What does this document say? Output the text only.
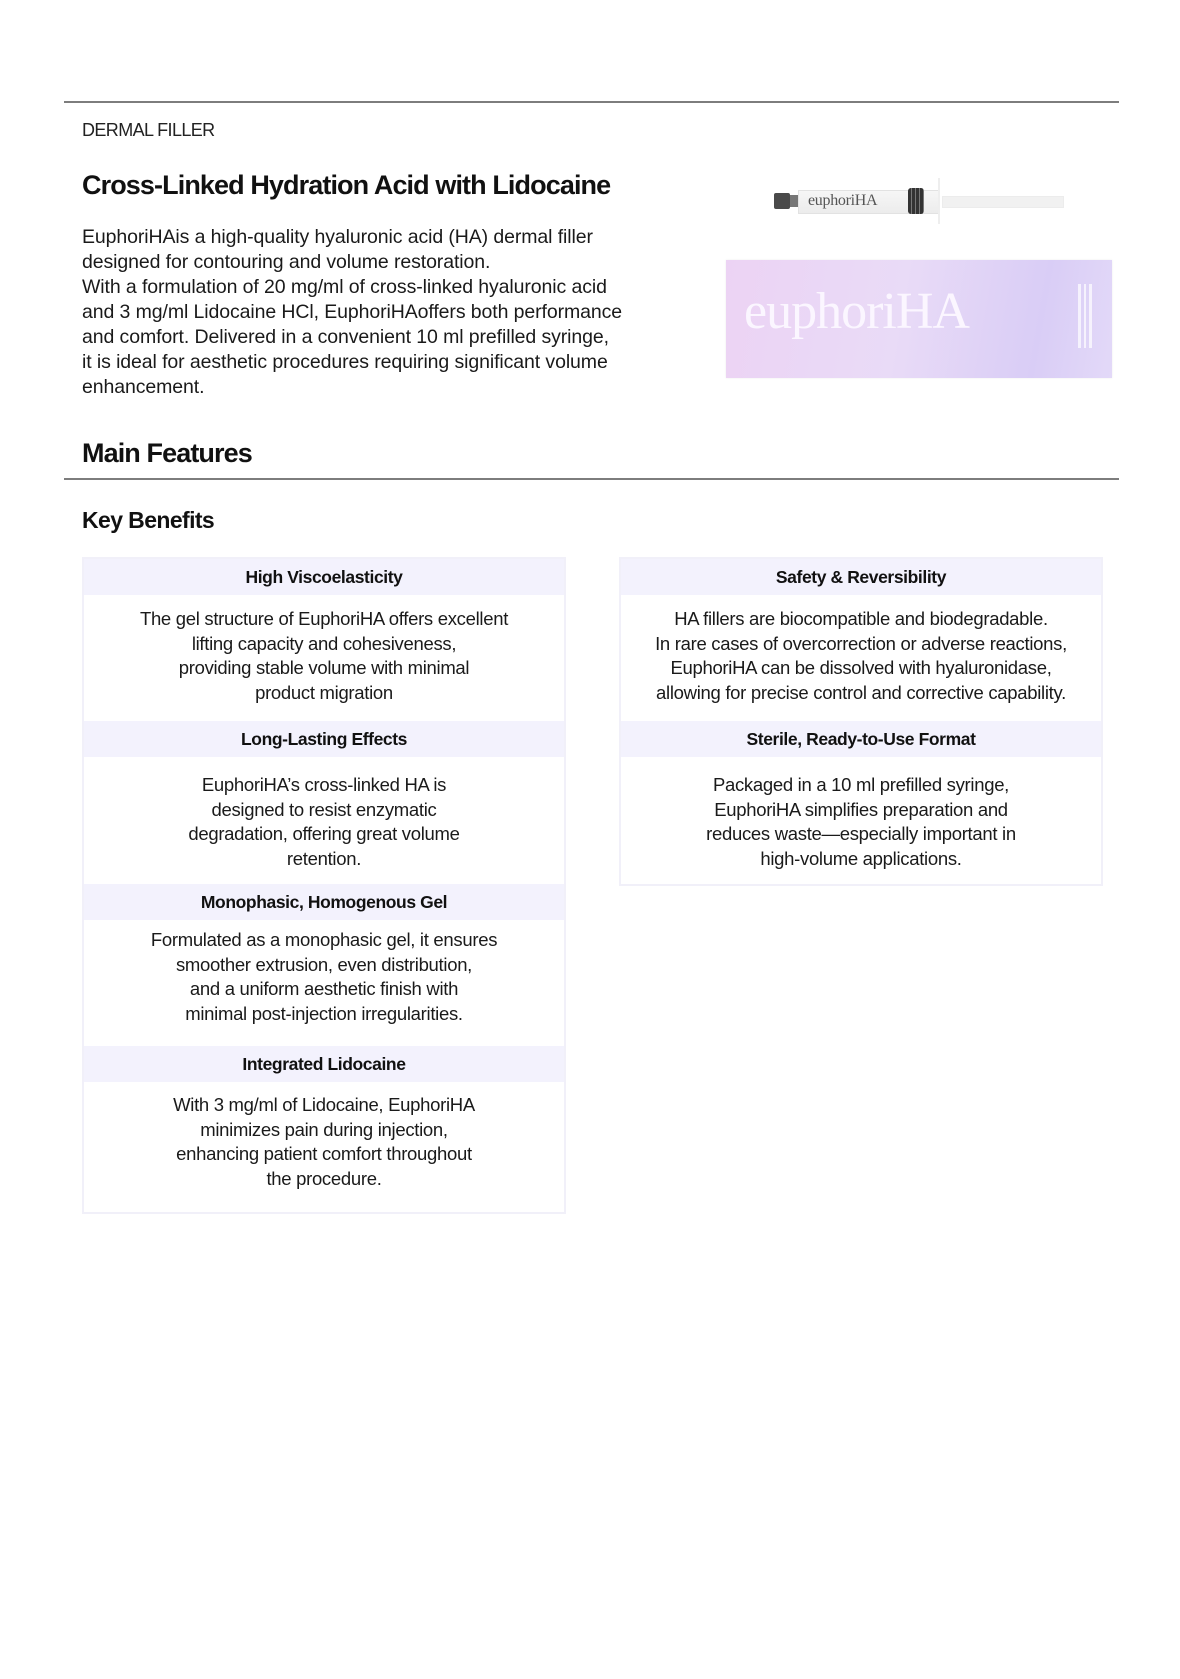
DERMAL FILLER
Cross-Linked Hydration Acid with Lidocaine

EuphoriHAis a high-quality hyaluronic acid (HA) dermal filler

designed for contouring and volume restoration.

With a formulation of 20 mg/ml of cross-linked hyaluronic acid

and 3 mg/ml Lidocaine HCl, EuphoriHAoffers both performance

and comfort. Delivered in a convenient 10 ml prefilled syringe,

it is ideal for aesthetic procedures requiring significant volume

enhancement.

euphoriHA
euphoriHA
Main Features
Key Benefits
High Viscoelasticity
The gel structure of EuphoriHA offers excellent
lifting capacity and cohesiveness,
providing stable volume with minimal
product migration
Long-Lasting Effects
EuphoriHA’s cross-linked HA is
designed to resist enzymatic
degradation, offering great volume
retention.
Monophasic, Homogenous Gel
Formulated as a monophasic gel, it ensures
smoother extrusion, even distribution,
and a uniform aesthetic finish with
minimal post-injection irregularities.
Integrated Lidocaine
With 3 mg/ml of Lidocaine, EuphoriHA
minimizes pain during injection,
enhancing patient comfort throughout
the procedure.
Safety & Reversibility
HA fillers are biocompatible and biodegradable.
In rare cases of overcorrection or adverse reactions,
EuphoriHA can be dissolved with hyaluronidase,
allowing for precise control and corrective capability.
Sterile, Ready-to-Use Format
Packaged in a 10 ml prefilled syringe,
EuphoriHA simplifies preparation and
reduces waste—especially important in
high-volume applications.
